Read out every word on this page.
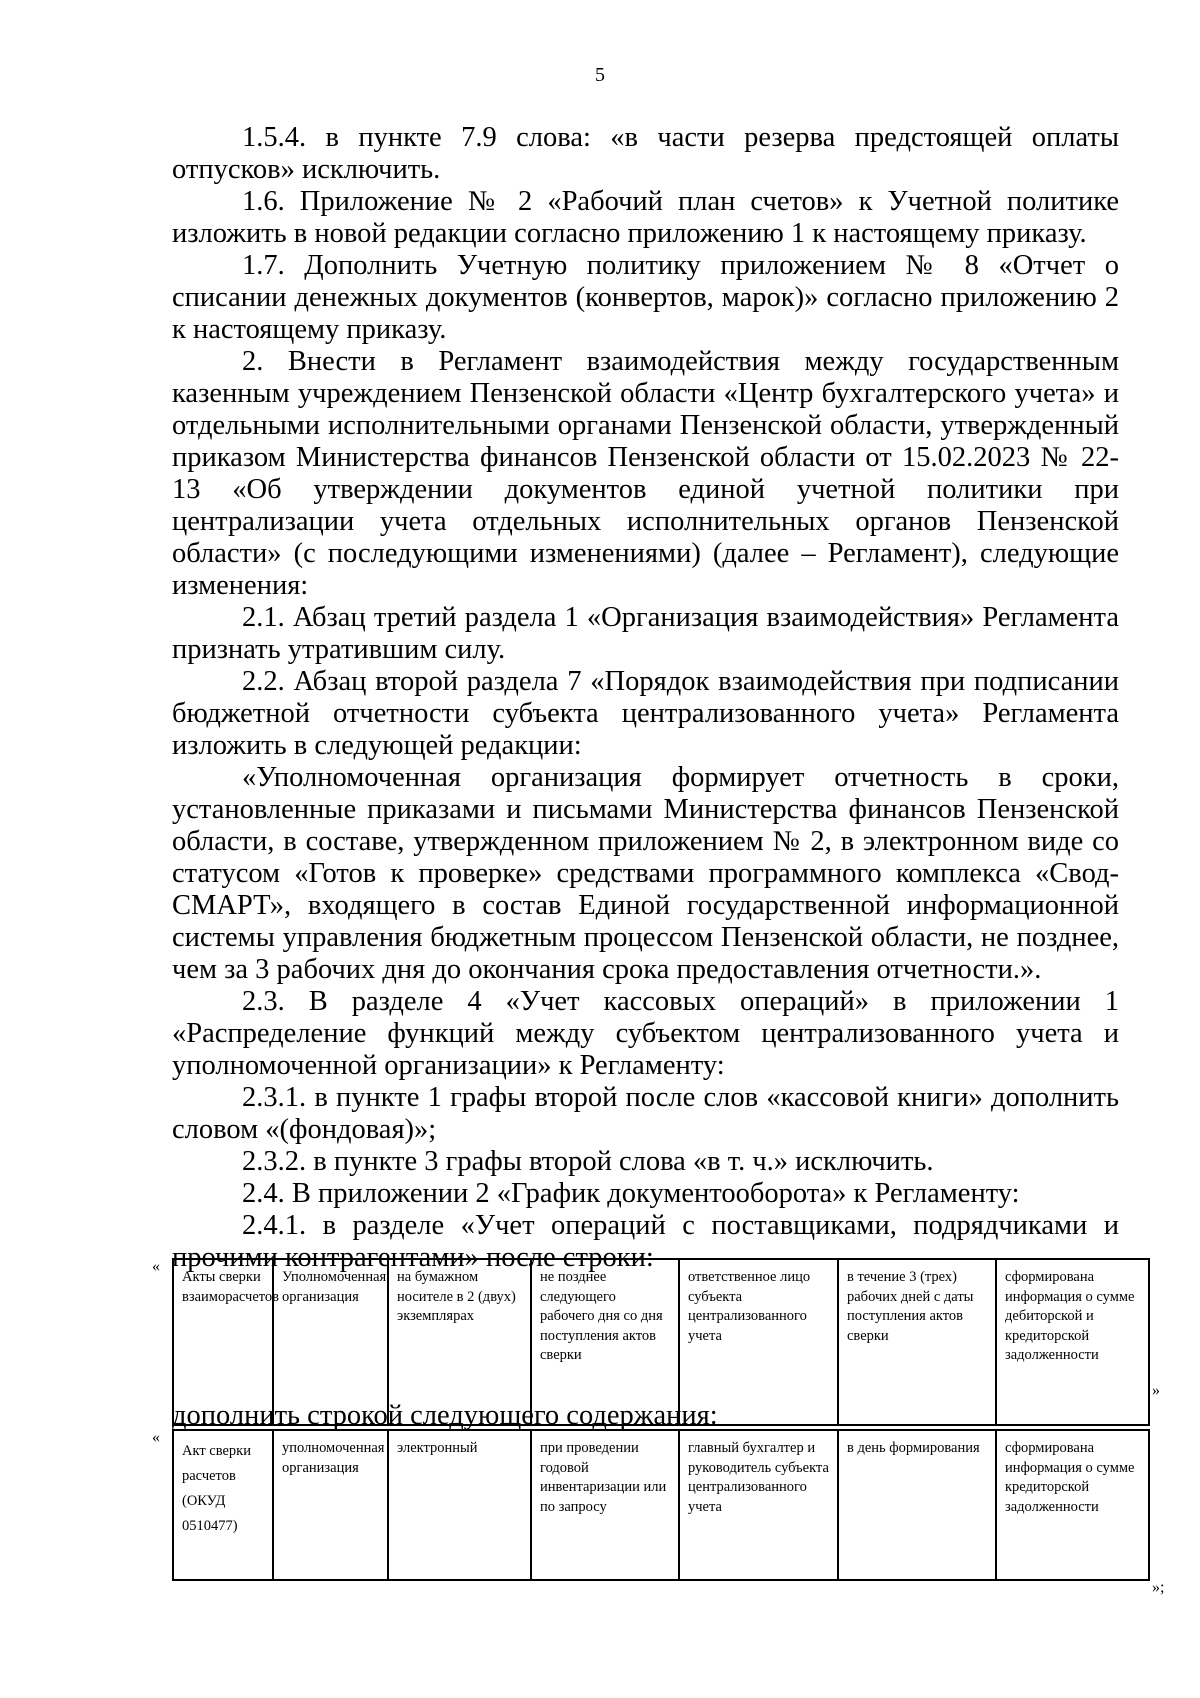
5

1.5.4. в пункте 7.9 слова: «в части резерва предстоящей оплаты отпусков» исключить.

1.6. Приложение № 2 «Рабочий план счетов» к Учетной политике изложить в новой редакции согласно приложению 1 к настоящему приказу.

1.7. Дополнить Учетную политику приложением № 8 «Отчет о списании денежных документов (конвертов, марок)» согласно приложению 2 к настоящему приказу.

2. Внести в Регламент взаимодействия между государственным казенным учреждением Пензенской области «Центр бухгалтерского учета» и отдельными исполнительными органами Пензенской области, утвержденный приказом Министерства финансов Пензенской области от 15.02.2023 № 22-13 «Об утверждении документов единой учетной политики при централизации учета отдельных исполнительных органов Пензенской области» (с последующими изменениями) (далее – Регламент), следующие изменения:

2.1. Абзац третий раздела 1 «Организация взаимодействия» Регламента признать утратившим силу.

2.2. Абзац второй раздела 7 «Порядок взаимодействия при подписании бюджетной отчетности субъекта централизованного учета» Регламента изложить в следующей редакции:

«Уполномоченная организация формирует отчетность в сроки, установленные приказами и письмами Министерства финансов Пензенской области, в составе, утвержденном приложением № 2, в электронном виде со статусом «Готов к проверке» средствами программного комплекса «Свод-СМАРТ», входящего в состав Единой государственной информационной системы управления бюджетным процессом Пензенской области, не позднее, чем за 3 рабочих дня до окончания срока предоставления отчетности.».

2.3. В разделе 4 «Учет кассовых операций» в приложении 1 «Распределение функций между субъектом централизованного учета и уполномоченной организации» к Регламенту:

2.3.1. в пункте 1 графы второй после слов «кассовой книги» дополнить словом «(фондовая)»;

2.3.2. в пункте 3 графы второй слова «в т. ч.» исключить.

2.4. В приложении 2 «График документооборота» к Регламенту:

2.4.1. в разделе «Учет операций с поставщиками, подрядчиками и прочими контрагентами» после строки:

«
Акты сверки взаиморасчетов	Уполномоченная организация	на бумажном носителе в 2 (двух) экземплярах	не позднее следующего рабочего дня со дня поступления актов сверки	ответственное лицо субъекта централизованного учета	в течение 3 (трех) рабочих дней с даты поступления актов сверки	сформирована информация о сумме дебиторской и кредиторской задолженности
»
дополнить строкой следующего содержания:
«
Акт сверки расчетов (ОКУД 0510477)	уполномоченная организация	электронный	при проведении годовой инвентаризации или по запросу	главный бухгалтер и руководитель субъекта централизованного учета	в день формирования	сформирована информация о сумме кредиторской задолженности
»;
